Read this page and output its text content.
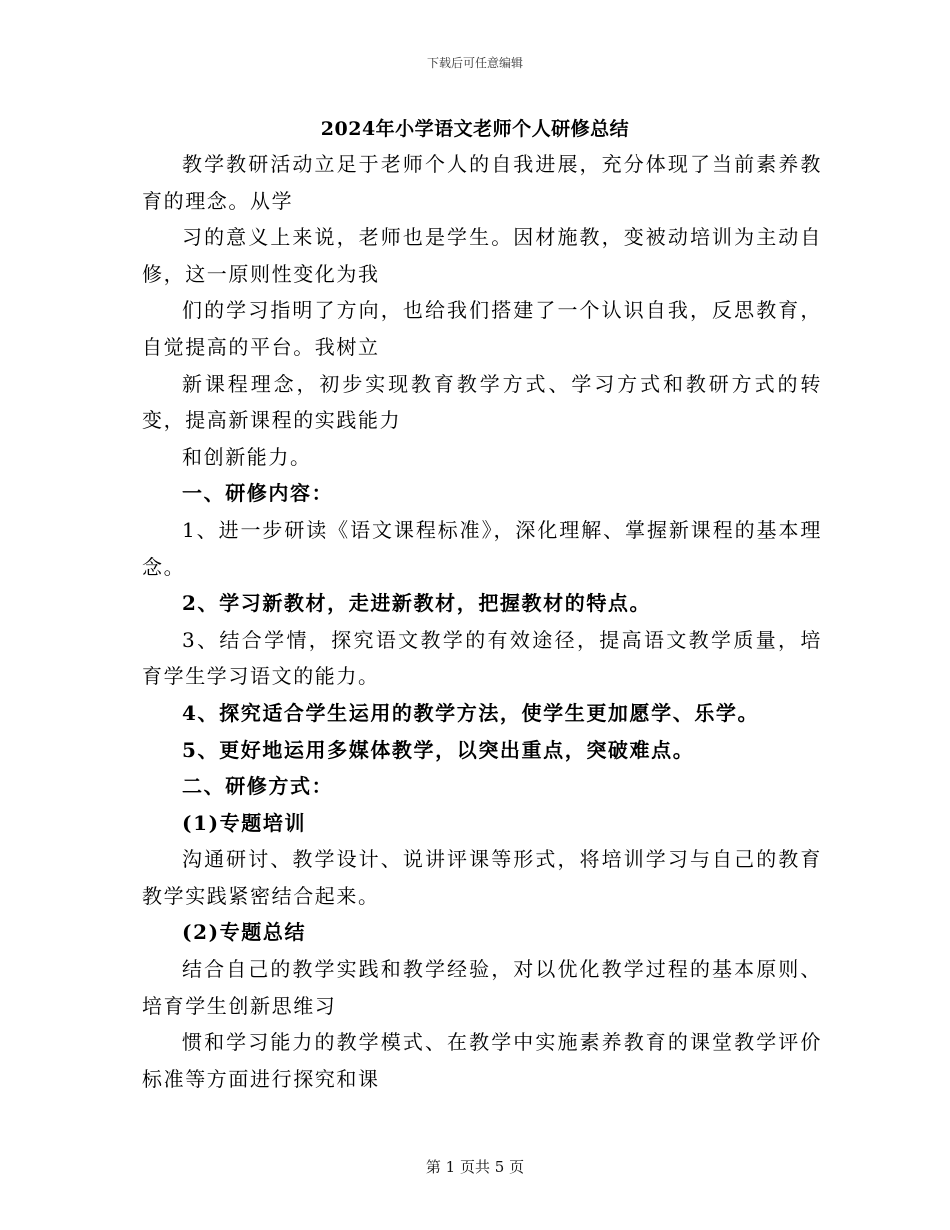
下载后可任意编辑
2024年小学语文老师个人研修总结

教学教研活动立足于老师个人的自我进展，充分体现了当前素养教育的理念。从学

习的意义上来说，老师也是学生。因材施教，变被动培训为主动自修，这一原则性变化为我

们的学习指明了方向，也给我们搭建了一个认识自我，反思教育，自觉提高的平台。我树立

新课程理念，初步实现教育教学方式、学习方式和教研方式的转变，提高新课程的实践能力

和创新能力。

一、研修内容：

1、进一步研读《语文课程标准》，深化理解、掌握新课程的基本理念。

2、学习新教材，走进新教材，把握教材的特点。

3、结合学情，探究语文教学的有效途径，提高语文教学质量，培育学生学习语文的能力。

4、探究适合学生运用的教学方法，使学生更加愿学、乐学。

5、更好地运用多媒体教学，以突出重点，突破难点。

二、研修方式：

(1)专题培训

沟通研讨、教学设计、说讲评课等形式，将培训学习与自己的教育教学实践紧密结合起来。

(2)专题总结

结合自己的教学实践和教学经验，对以优化教学过程的基本原则、培育学生创新思维习

惯和学习能力的教学模式、在教学中实施素养教育的课堂教学评价标准等方面进行探究和课

第 1 页共 5 页
